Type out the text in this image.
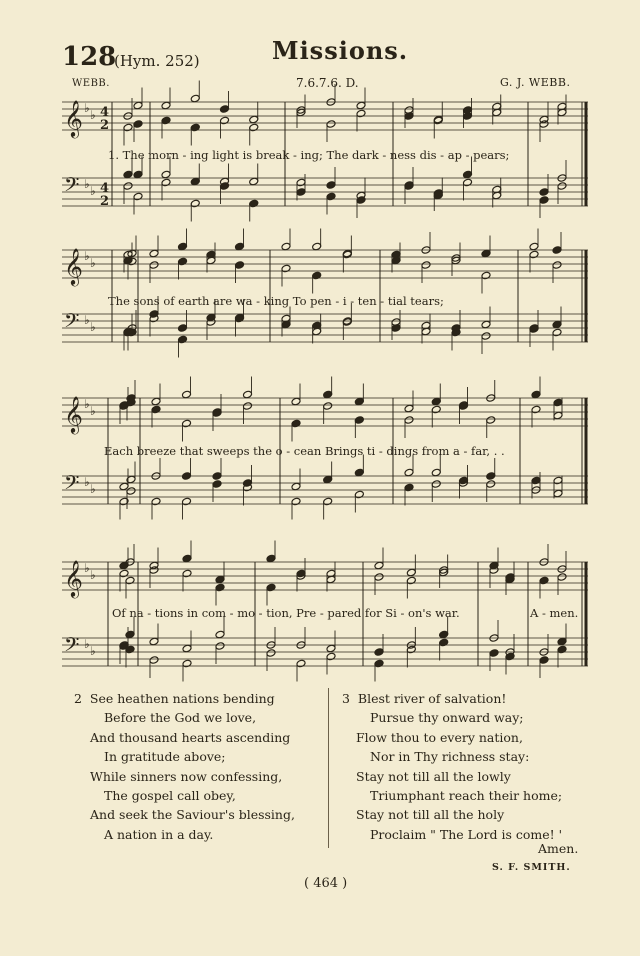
128
(Hym. 252)	Missions.
WEBB.	7.6.7.6. D.	G. J. WEBB.
𝄞 ♭ ♭ 4
2
𝄢 ♭ ♭ 4
2
𝄞 ♭ ♭
𝄢 ♭ ♭
𝄞 ♭ ♭
𝄢 ♭ ♭
𝄞 ♭ ♭
𝄢 ♭ ♭
1. The morn - ing light is break - ing; The dark - ness dis - ap - pears;
The sons of earth are wa - king To pen - i - ten - tial tears;
Each breeze that sweeps the o - cean Brings ti - dings from a - far, . .
Of na - tions in com - mo - tion, Pre - pared for Si - on's war.	A - men.
2 See heathen nations bending
Before the God we love,
And thousand hearts ascending
In gratitude above;
While sinners now confessing,
The gospel call obey,
And seek the Saviour's blessing,
A nation in a day.
3 Blest river of salvation!
Pursue thy onward way;
Flow thou to every nation,
Nor in Thy richness stay:
Stay not till all the lowly
Triumphant reach their home;
Stay not till all the holy
Proclaim " The Lord is come! '
Amen.
S. F. SMITH.
( 464 )
